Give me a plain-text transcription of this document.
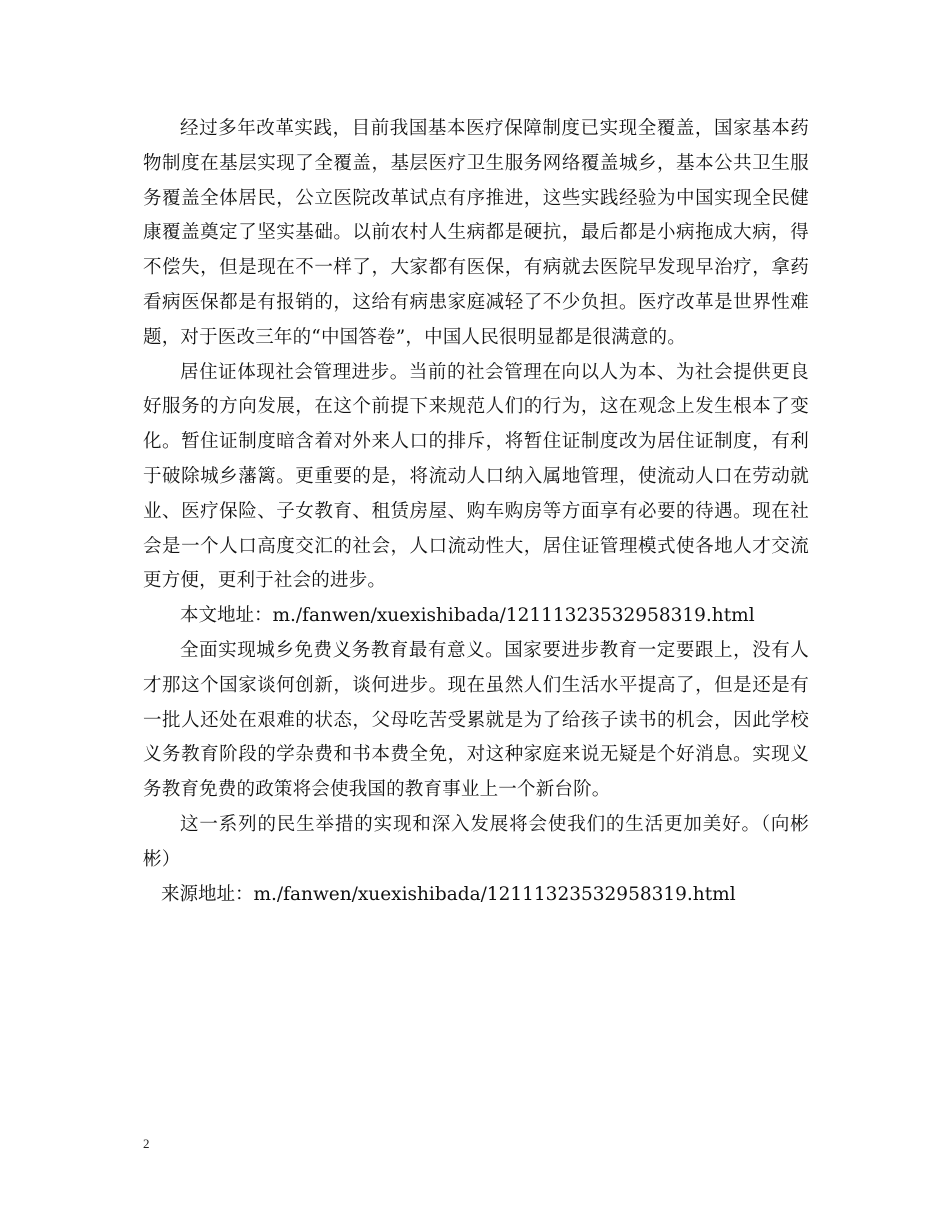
经过多年改革实践，目前我国基本医疗保障制度已实现全覆盖，国家基本药物制度在基层实现了全覆盖，基层医疗卫生服务网络覆盖城乡，基本公共卫生服务覆盖全体居民，公立医院改革试点有序推进，这些实践经验为中国实现全民健康覆盖奠定了坚实基础。以前农村人生病都是硬抗，最后都是小病拖成大病，得不偿失，但是现在不一样了，大家都有医保，有病就去医院早发现早治疗，拿药看病医保都是有报销的，这给有病患家庭减轻了不少负担。医疗改革是世界性难题，对于医改三年的“中国答卷”，中国人民很明显都是很满意的。

居住证体现社会管理进步。当前的社会管理在向以人为本、为社会提供更良好服务的方向发展，在这个前提下来规范人们的行为，这在观念上发生根本了变化。暂住证制度暗含着对外来人口的排斥，将暂住证制度改为居住证制度，有利于破除城乡藩篱。更重要的是，将流动人口纳入属地管理，使流动人口在劳动就业、医疗保险、子女教育、租赁房屋、购车购房等方面享有必要的待遇。现在社会是一个人口高度交汇的社会，人口流动性大，居住证管理模式使各地人才交流更方便，更利于社会的进步。

本文地址：m./fanwen/xuexishibada/12111323532958319.html

全面实现城乡免费义务教育最有意义。国家要进步教育一定要跟上，没有人才那这个国家谈何创新，谈何进步。现在虽然人们生活水平提高了，但是还是有一批人还处在艰难的状态，父母吃苦受累就是为了给孩子读书的机会，因此学校义务教育阶段的学杂费和书本费全免，对这种家庭来说无疑是个好消息。实现义务教育免费的政策将会使我国的教育事业上一个新台阶。

这一系列的民生举措的实现和深入发展将会使我们的生活更加美好。（向彬彬）

来源地址：m./fanwen/xuexishibada/12111323532958319.html

2
